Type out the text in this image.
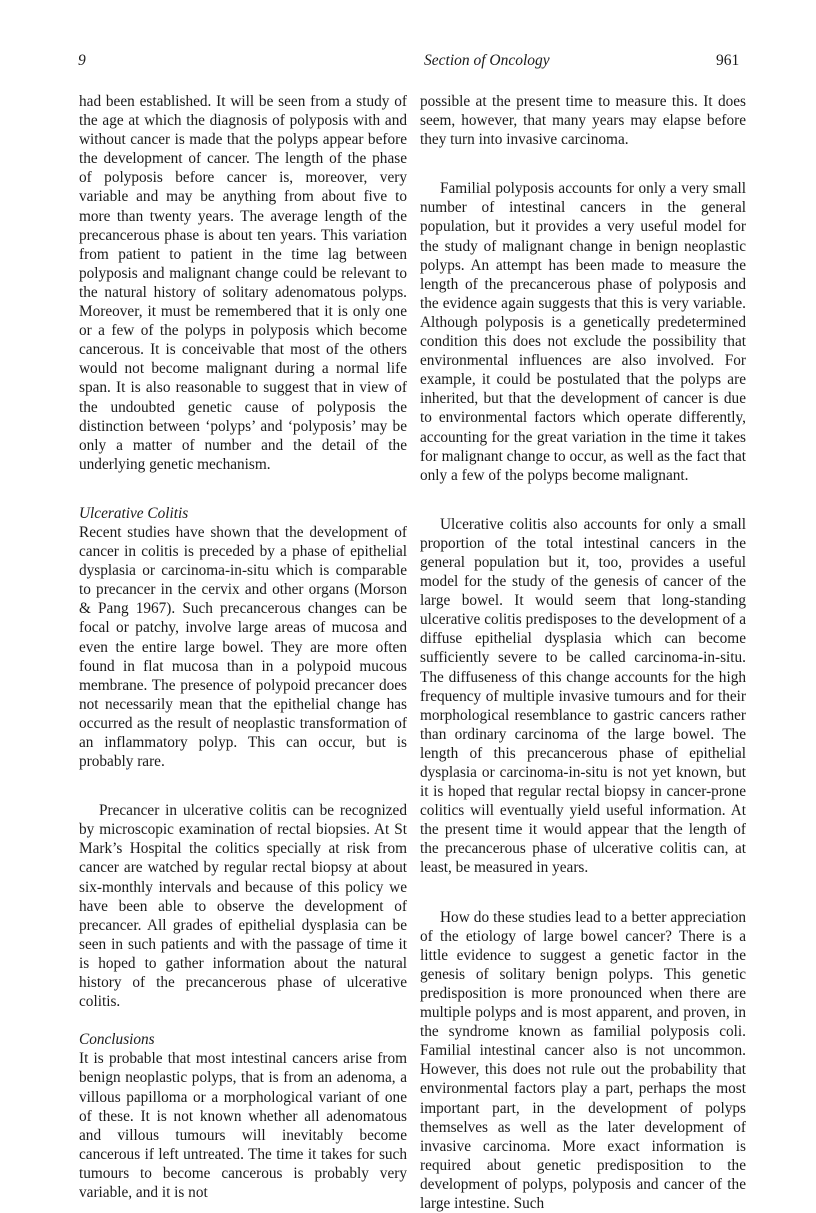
9	Section of Oncology	961

had been established. It will be seen from a study of the age at which the diagnosis of polyposis with and without cancer is made that the polyps appear before the development of cancer. The length of the phase of polyposis before cancer is, moreover, very variable and may be anything from about five to more than twenty years. The average length of the precancerous phase is about ten years. This variation from patient to patient in the time lag between polyposis and malignant change could be relevant to the natural history of solitary adenomatous polyps. Moreover, it must be remembered that it is only one or a few of the polyps in polyposis which become cancerous. It is conceivable that most of the others would not become malignant during a normal life span. It is also reasonable to suggest that in view of the undoubted genetic cause of polyposis the distinction between ‘polyps’ and ‘polyposis’ may be only a matter of number and the detail of the underlying genetic mechanism.

Ulcerative Colitis

Recent studies have shown that the development of cancer in colitis is preceded by a phase of epithelial dysplasia or carcinoma-in-situ which is comparable to precancer in the cervix and other organs (Morson & Pang 1967). Such precancerous changes can be focal or patchy, involve large areas of mucosa and even the entire large bowel. They are more often found in flat mucosa than in a polypoid mucous membrane. The presence of polypoid precancer does not necessarily mean that the epithelial change has occurred as the result of neoplastic transformation of an inflammatory polyp. This can occur, but is probably rare.

Precancer in ulcerative colitis can be recognized by microscopic examination of rectal biopsies. At St Mark’s Hospital the colitics specially at risk from cancer are watched by regular rectal biopsy at about six-monthly intervals and because of this policy we have been able to observe the development of precancer. All grades of epithelial dysplasia can be seen in such patients and with the passage of time it is hoped to gather information about the natural history of the precancerous phase of ulcerative colitis.

Conclusions

It is probable that most intestinal cancers arise from benign neoplastic polyps, that is from an adenoma, a villous papilloma or a morphological variant of one of these. It is not known whether all adenomatous and villous tumours will inevitably become cancerous if left untreated. The time it takes for such tumours to become cancerous is probably very variable, and it is not

possible at the present time to measure this. It does seem, however, that many years may elapse before they turn into invasive carcinoma.

Familial polyposis accounts for only a very small number of intestinal cancers in the general population, but it provides a very useful model for the study of malignant change in benign neoplastic polyps. An attempt has been made to measure the length of the precancerous phase of polyposis and the evidence again suggests that this is very variable. Although polyposis is a genetically predetermined condition this does not exclude the possibility that environmental influences are also involved. For example, it could be postulated that the polyps are inherited, but that the development of cancer is due to environmental factors which operate differently, accounting for the great variation in the time it takes for malignant change to occur, as well as the fact that only a few of the polyps become malignant.

Ulcerative colitis also accounts for only a small proportion of the total intestinal cancers in the general population but it, too, provides a useful model for the study of the genesis of cancer of the large bowel. It would seem that long-standing ulcerative colitis predisposes to the development of a diffuse epithelial dysplasia which can become sufficiently severe to be called carcinoma-in-situ. The diffuseness of this change accounts for the high frequency of multiple invasive tumours and for their morphological resemblance to gastric cancers rather than ordinary carcinoma of the large bowel. The length of this precancerous phase of epithelial dysplasia or carcinoma-in-situ is not yet known, but it is hoped that regular rectal biopsy in cancer-prone colitics will eventually yield useful information. At the present time it would appear that the length of the precancerous phase of ulcerative colitis can, at least, be measured in years.

How do these studies lead to a better appreciation of the etiology of large bowel cancer? There is a little evidence to suggest a genetic factor in the genesis of solitary benign polyps. This genetic predisposition is more pronounced when there are multiple polyps and is most apparent, and proven, in the syndrome known as familial polyposis coli. Familial intestinal cancer also is not uncommon. However, this does not rule out the probability that environmental factors play a part, perhaps the most important part, in the development of polyps themselves as well as the later development of invasive carcinoma. More exact information is required about genetic predisposition to the development of polyps, polyposis and cancer of the large intestine. Such
